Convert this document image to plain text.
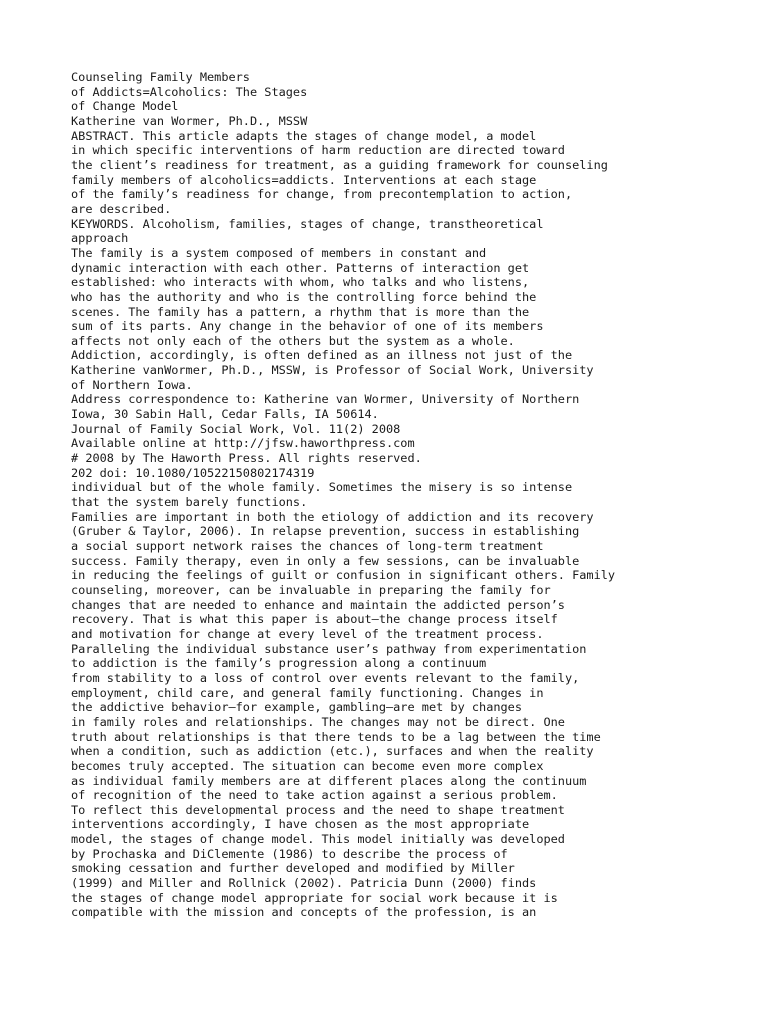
Counseling Family Members
of Addicts=Alcoholics: The Stages
of Change Model
Katherine van Wormer, Ph.D., MSSW
ABSTRACT. This article adapts the stages of change model, a model
in which specific interventions of harm reduction are directed toward
the client’s readiness for treatment, as a guiding framework for counseling
family members of alcoholics=addicts. Interventions at each stage
of the family’s readiness for change, from precontemplation to action,
are described.
KEYWORDS. Alcoholism, families, stages of change, transtheoretical
approach
The family is a system composed of members in constant and
dynamic interaction with each other. Patterns of interaction get
established: who interacts with whom, who talks and who listens,
who has the authority and who is the controlling force behind the
scenes. The family has a pattern, a rhythm that is more than the
sum of its parts. Any change in the behavior of one of its members
affects not only each of the others but the system as a whole.
Addiction, accordingly, is often defined as an illness not just of the
Katherine vanWormer, Ph.D., MSSW, is Professor of Social Work, University
of Northern Iowa.
Address correspondence to: Katherine van Wormer, University of Northern
Iowa, 30 Sabin Hall, Cedar Falls, IA 50614.
Journal of Family Social Work, Vol. 11(2) 2008
Available online at http://jfsw.haworthpress.com
# 2008 by The Haworth Press. All rights reserved.
202 doi: 10.1080/10522150802174319
individual but of the whole family. Sometimes the misery is so intense
that the system barely functions.
Families are important in both the etiology of addiction and its recovery
(Gruber & Taylor, 2006). In relapse prevention, success in establishing
a social support network raises the chances of long-term treatment
success. Family therapy, even in only a few sessions, can be invaluable
in reducing the feelings of guilt or confusion in significant others. Family
counseling, moreover, can be invaluable in preparing the family for
changes that are needed to enhance and maintain the addicted person’s
recovery. That is what this paper is about—the change process itself
and motivation for change at every level of the treatment process.
Paralleling the individual substance user’s pathway from experimentation
to addiction is the family’s progression along a continuum
from stability to a loss of control over events relevant to the family,
employment, child care, and general family functioning. Changes in
the addictive behavior—for example, gambling—are met by changes
in family roles and relationships. The changes may not be direct. One
truth about relationships is that there tends to be a lag between the time
when a condition, such as addiction (etc.), surfaces and when the reality
becomes truly accepted. The situation can become even more complex
as individual family members are at different places along the continuum
of recognition of the need to take action against a serious problem.
To reflect this developmental process and the need to shape treatment
interventions accordingly, I have chosen as the most appropriate
model, the stages of change model. This model initially was developed
by Prochaska and DiClemente (1986) to describe the process of
smoking cessation and further developed and modified by Miller
(1999) and Miller and Rollnick (2002). Patricia Dunn (2000) finds
the stages of change model appropriate for social work because it is
compatible with the mission and concepts of the profession, is an
